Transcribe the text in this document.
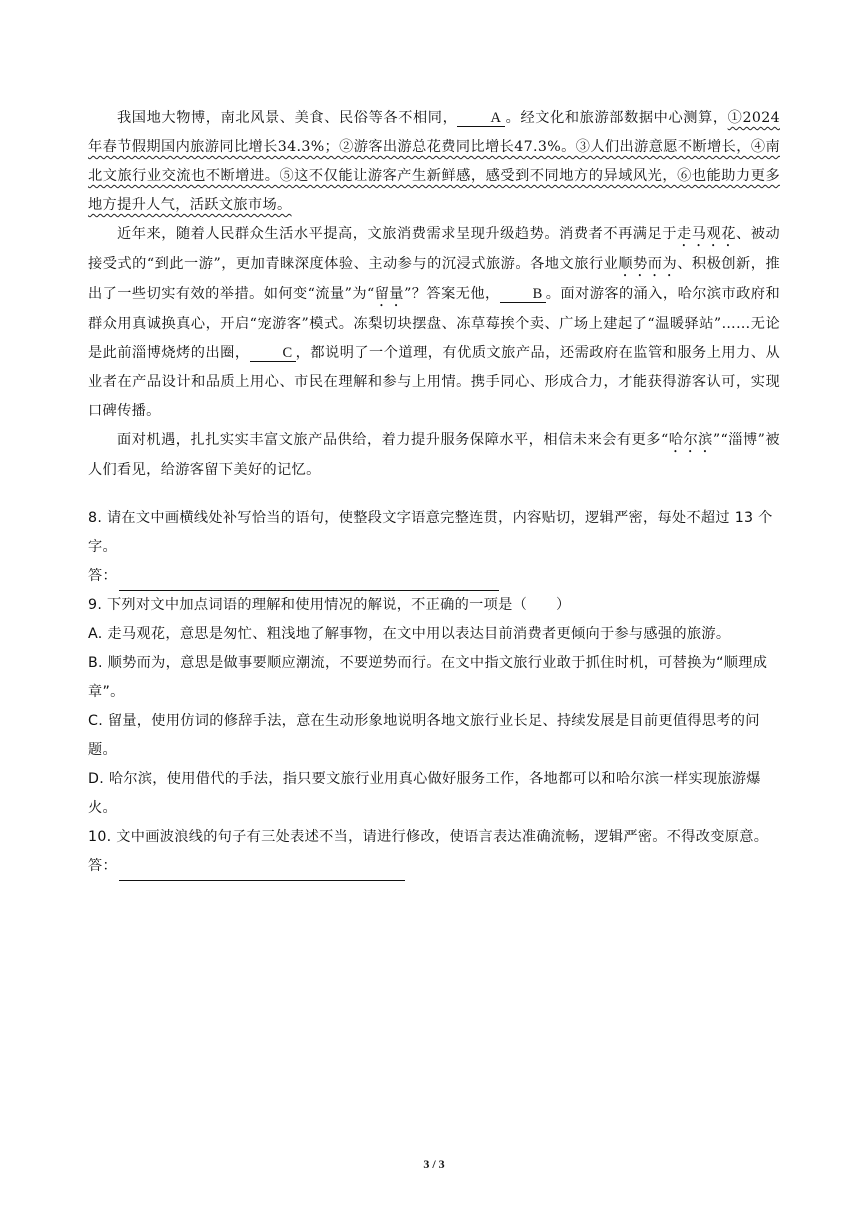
我国地大物博，南北风景、美食、民俗等各不相同， A 。经文化和旅游部数据中心测算，①2024年春节假期国内旅游同比增长34.3%；②游客出游总花费同比增长47.3%。③人们出游意愿不断增长，④南北文旅行业交流也不断增进。⑤这不仅能让游客产生新鲜感，感受到不同地方的异域风光，⑥也能助力更多地方提升人气，活跃文旅市场。

近年来，随着人民群众生活水平提高，文旅消费需求呈现升级趋势。消费者不再满足于走马观花、被动接受式的“到此一游”，更加青睐深度体验、主动参与的沉浸式旅游。各地文旅行业顺势而为、积极创新，推出了一些切实有效的举措。如何变“流量”为“留量”？答案无他， B 。面对游客的涌入，哈尔滨市政府和群众用真诚换真心，开启“宠游客”模式。冻梨切块摆盘、冻草莓挨个卖、广场上建起了“温暖驿站”……无论是此前淄博烧烤的出圈， C ，都说明了一个道理，有优质文旅产品，还需政府在监管和服务上用力、从业者在产品设计和品质上用心、市民在理解和参与上用情。携手同心、形成合力，才能获得游客认可，实现口碑传播。

面对机遇，扎扎实实丰富文旅产品供给，着力提升服务保障水平，相信未来会有更多“哈尔滨”“淄博”被人们看见，给游客留下美好的记忆。

8. 请在文中画横线处补写恰当的语句，使整段文字语意完整连贯，内容贴切，逻辑严密，每处不超过 13 个字。

答：

9. 下列对文中加点词语的理解和使用情况的解说，不正确的一项是（　　）

A. 走马观花，意思是匆忙、粗浅地了解事物，在文中用以表达目前消费者更倾向于参与感强的旅游。

B. 顺势而为，意思是做事要顺应潮流，不要逆势而行。在文中指文旅行业敢于抓住时机，可替换为“顺理成章”。

C. 留量，使用仿词的修辞手法，意在生动形象地说明各地文旅行业长足、持续发展是目前更值得思考的问题。

D. 哈尔滨，使用借代的手法，指只要文旅行业用真心做好服务工作，各地都可以和哈尔滨一样实现旅游爆火。

10. 文中画波浪线的句子有三处表述不当，请进行修改，使语言表达准确流畅，逻辑严密。不得改变原意。

答：
3 / 3
